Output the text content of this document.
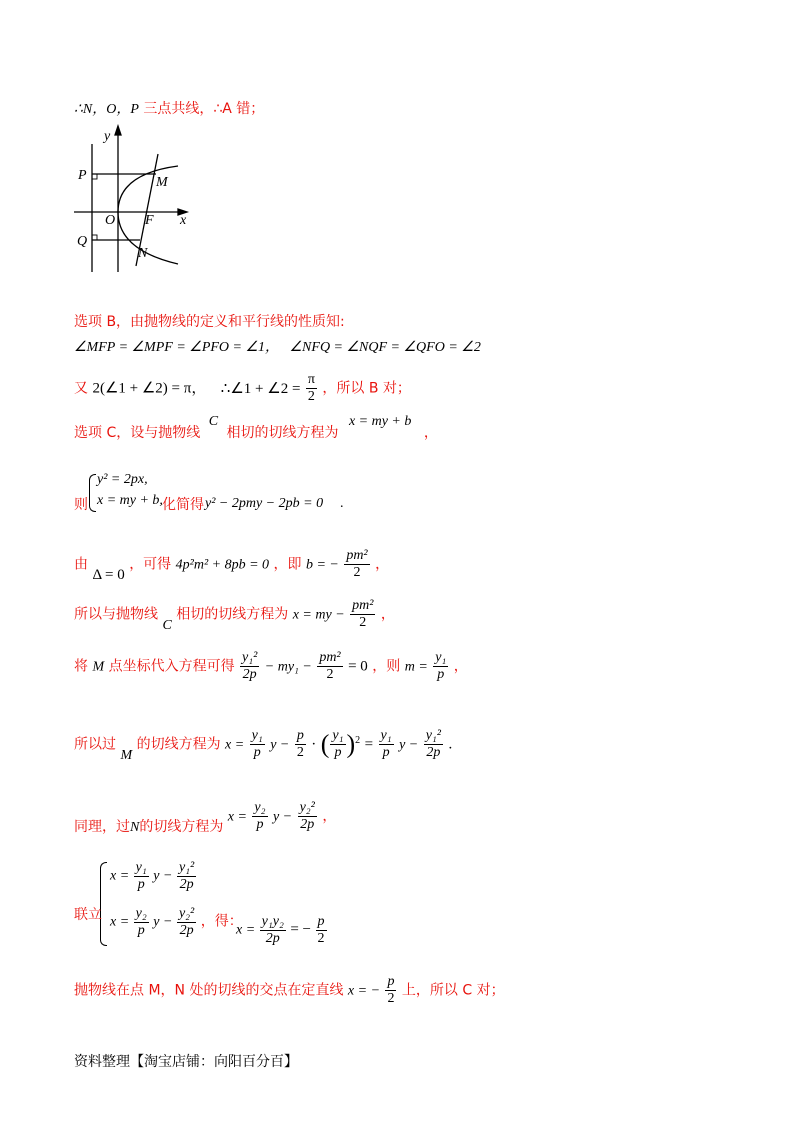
∴N，O，P 三点共线，∴A 错；
y
x
P	M
O F
Q
N
选项 B，由抛物线的定义和平行线的性质知:
∠MFP = ∠MPF = ∠PFO = ∠1， ∠NFQ = ∠NQF = ∠QFO = ∠2
又 2(∠1 + ∠2) = π， ∴∠1 + ∠2 = $\frac{\pi}{2}$ ，所以 B 对；
选项 C，设与抛物线 C 相切的切线方程为 x = my + b ，
则
y² = 2px,
x = my + b, 化简得 y² − 2pmy − 2pb = 0 .
由 Δ = 0 ，可得 4p²m² + 8pb = 0 ，即 b = − $\frac{\text{pm²}}{2}$ ，
所以与抛物线 C 相切的切线方程为 x = my − $\frac{\text{pm²}}{2}$ ，
将 M 点坐标代入方程可得 $\frac{\text{y₁²}}{2p} - my_1 - \frac{\text{pm²}}{2} = 0$ ，则 $m = \frac{\text{y₁}}{p}$ ，
所以过 M 的切线方程为 $x = \frac{\text{y₁}}{p}$ $y - \frac{p}{2}$ · ( $\frac{\text{y₁}}{p} )^2 = \frac{\text{y₁}}{p}$ $y - \frac{\text{y₁²}}{2p}$ .
同理，过N的切线方程为 $x = \frac{\text{y₂}}{p}$ $y - \frac{\text{y₂²}}{2p}$ ，
联立
$x = \frac{\text{y₁}}{p}$ $y - \frac{\text{y₁²}}{2p}$
$x = \frac{\text{y₂}}{p}$ $y - \frac{\text{y₂²}}{2p}$ ，得：
$x = \frac{\text{y₁y₂}}{2p}$ = − $\frac{p}{2}$
抛物线在点 M，N 处的切线的交点在定直线 x = − $\frac{p}{2}$ 上，所以 C 对；
资料整理【淘宝店铺：向阳百分百】
